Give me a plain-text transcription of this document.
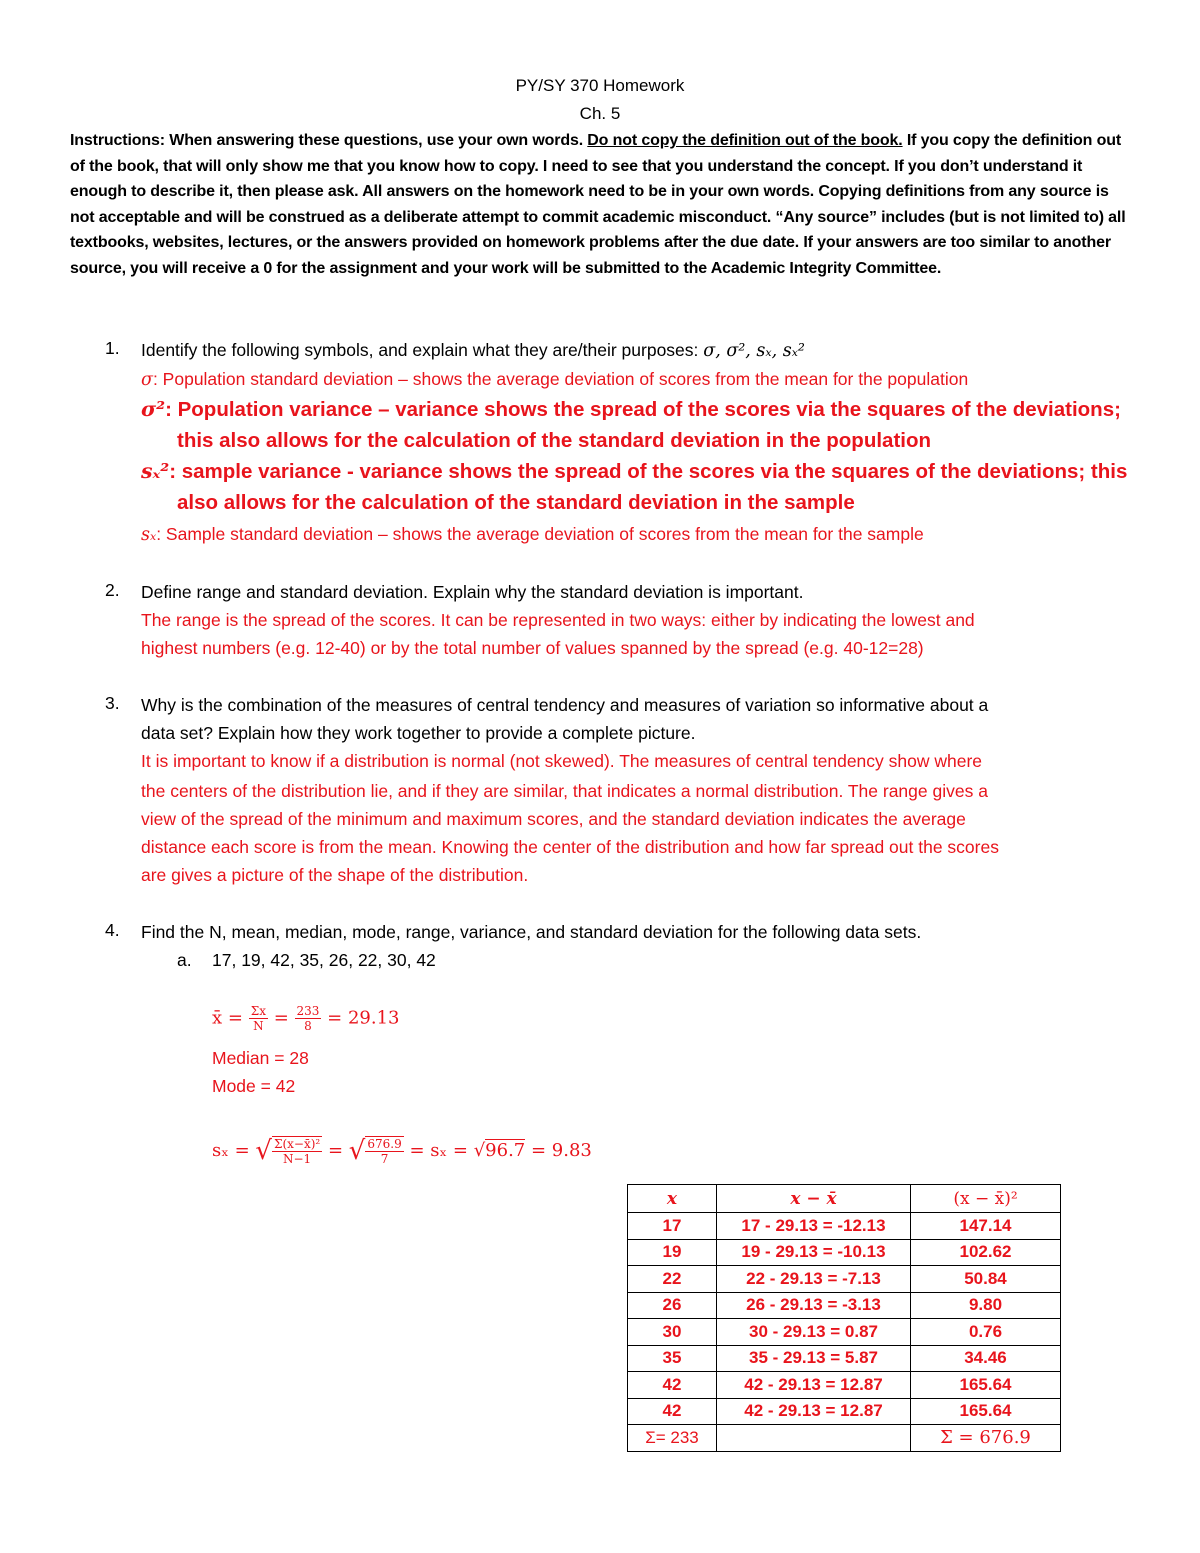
PY/SY 370 Homework
Ch. 5
Instructions: When answering these questions, use your own words. Do not copy the definition out of the book. If you copy the definition out of the book, that will only show me that you know how to copy. I need to see that you understand the concept. If you don’t understand it enough to describe it, then please ask. All answers on the homework need to be in your own words. Copying definitions from any source is not acceptable and will be construed as a deliberate attempt to commit academic misconduct. “Any source” includes (but is not limited to) all textbooks, websites, lectures, or the answers provided on homework problems after the due date. If your answers are too similar to another source, you will receive a 0 for the assignment and your work will be submitted to the Academic Integrity Committee.
1. Identify the following symbols, and explain what they are/their purposes: σ, σ², sₓ, sₓ²
σ: Population standard deviation – shows the average deviation of scores from the mean for the population
σ²: Population variance – variance shows the spread of the scores via the squares of the deviations;
this also allows for the calculation of the standard deviation in the population
sₓ²: sample variance - variance shows the spread of the scores via the squares of the deviations; this
also allows for the calculation of the standard deviation in the sample
sₓ: Sample standard deviation – shows the average deviation of scores from the mean for the sample
2. Define range and standard deviation. Explain why the standard deviation is important.
The range is the spread of the scores. It can be represented in two ways: either by indicating the lowest and
highest numbers (e.g. 12-40) or by the total number of values spanned by the spread (e.g. 40-12=28)
3. Why is the combination of the measures of central tendency and measures of variation so informative about a
data set? Explain how they work together to provide a complete picture.
It is important to know if a distribution is normal (not skewed). The measures of central tendency show where
the centers of the distribution lie, and if they are similar, that indicates a normal distribution. The range gives a
view of the spread of the minimum and maximum scores, and the standard deviation indicates the average
distance each score is from the mean. Knowing the center of the distribution and how far spread out the scores
are gives a picture of the shape of the distribution.
4. Find the N, mean, median, mode, range, variance, and standard deviation for the following data sets.
a. 17, 19, 42, 35, 26, 22, 30, 42
x̄ = $\frac{\Sigma x}{N} = \frac{233}{8} = 29.13$
Median = 28
Mode = 42
sₓ = √ $\frac{\text{Σ(x−x̄)²}}{N-1}$ = √ $\frac{676.9}{7} = s_x = √96.7 = 9.83$
x	x − x̄	(x − x̄)²
17	17 - 29.13 = -12.13	147.14
19	19 - 29.13 = -10.13	102.62
22	22 - 29.13 = -7.13	50.84
26	26 - 29.13 = -3.13	9.80
30	30 - 29.13 = 0.87	0.76
35	35 - 29.13 = 5.87	34.46
42	42 - 29.13 = 12.87	165.64
42	42 - 29.13 = 12.87	165.64
Σ= 233		Σ = 676.9
